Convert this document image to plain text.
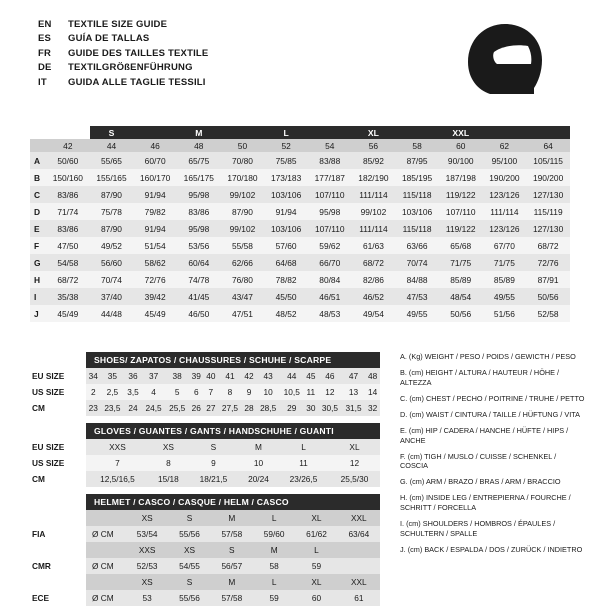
EN	TEXTILE SIZE GUIDE
ES	GUÍA DE TALLAS
FR	GUIDE DES TAILLES TEXTILE
DE	TEXTILGRÖßENFÜHRUNG
IT	GUIDA ALLE TAGLIE TESSILI
		S		M		L		XL		XXL		
	42	44	46	48	50	52	54	56	58	60	62	64
A	50/60	55/65	60/70	65/75	70/80	75/85	83/88	85/92	87/95	90/100	95/100	105/115
B	150/160	155/165	160/170	165/175	170/180	173/183	177/187	182/190	185/195	187/198	190/200	190/200
C	83/86	87/90	91/94	95/98	99/102	103/106	107/110	111/114	115/118	119/122	123/126	127/130
D	71/74	75/78	79/82	83/86	87/90	91/94	95/98	99/102	103/106	107/110	111/114	115/119
E	83/86	87/90	91/94	95/98	99/102	103/106	107/110	111/114	115/118	119/122	123/126	127/130
F	47/50	49/52	51/54	53/56	55/58	57/60	59/62	61/63	63/66	65/68	67/70	68/72
G	54/58	56/60	58/62	60/64	62/66	64/68	66/70	68/72	70/74	71/75	71/75	72/76
H	68/72	70/74	72/76	74/78	76/80	78/82	80/84	82/86	84/88	85/89	85/89	87/91
I	35/38	37/40	39/42	41/45	43/47	45/50	46/51	46/52	47/53	48/54	49/55	50/56
J	45/49	44/48	45/49	46/50	47/51	48/52	48/53	49/54	49/55	50/56	51/56	52/58
SHOES/ ZAPATOS / CHAUSSURES / SCHUHE / SCARPE
EU SIZE	34	35	36	37	38	39	40	41	42	43	44	45	46	47	48
US SIZE	2	2,5	3,5	4	5	6	7	8	9	10	10,5	11	12	13	14
CM	23	23,5	24	24,5	25,5	26	27	27,5	28	28,5	29	30	30,5	31,5	32
GLOVES / GUANTES / GANTS / HANDSCHUHE / GUANTI
EU SIZE	XXS	XS	S	M	L	XL
US SIZE	7	8	9	10	11	12
CM	12,5/16,5	15/18	18/21,5	20/24	23/26,5	25,5/30
HELMET / CASCO / CASQUE / HELM / CASCO
		XS	S	M	L	XL	XXL
FIA	Ø CM	53/54	55/56	57/58	59/60	61/62	63/64
		XXS	XS	S	M	L	
CMR	Ø CM	52/53	54/55	56/57	58	59	
		XS	S	M	L	XL	XXL
ECE	Ø CM	53	55/56	57/58	59	60	61
A. (Kg) WEIGHT / PESO / POIDS / GEWICTH / PESO
B. (cm) HEIGHT / ALTURA / HAUTEUR / HÖHE / ALTEZZA
C. (cm) CHEST / PECHO / POITRINE / TRUHE / PETTO
D. (cm) WAIST / CINTURA / TAILLE / HÜFTUNG / VITA
E. (cm) HIP / CADERA / HANCHE / HÜFTE / HIPS / ANCHE
F. (cm) TIGH / MUSLO / CUISSE / SCHENKEL / COSCIA
G. (cm) ARM / BRAZO / BRAS / ARM / BRACCIO
H. (cm) INSIDE LEG / ENTREPIERNA / FOURCHE / SCHRITT / FORCELLA
I. (cm) SHOULDERS / HOMBROS / ÉPAULES / SCHULTERN / SPALLE
J. (cm) BACK / ESPALDA / DOS / ZURÜCK / INDIETRO
